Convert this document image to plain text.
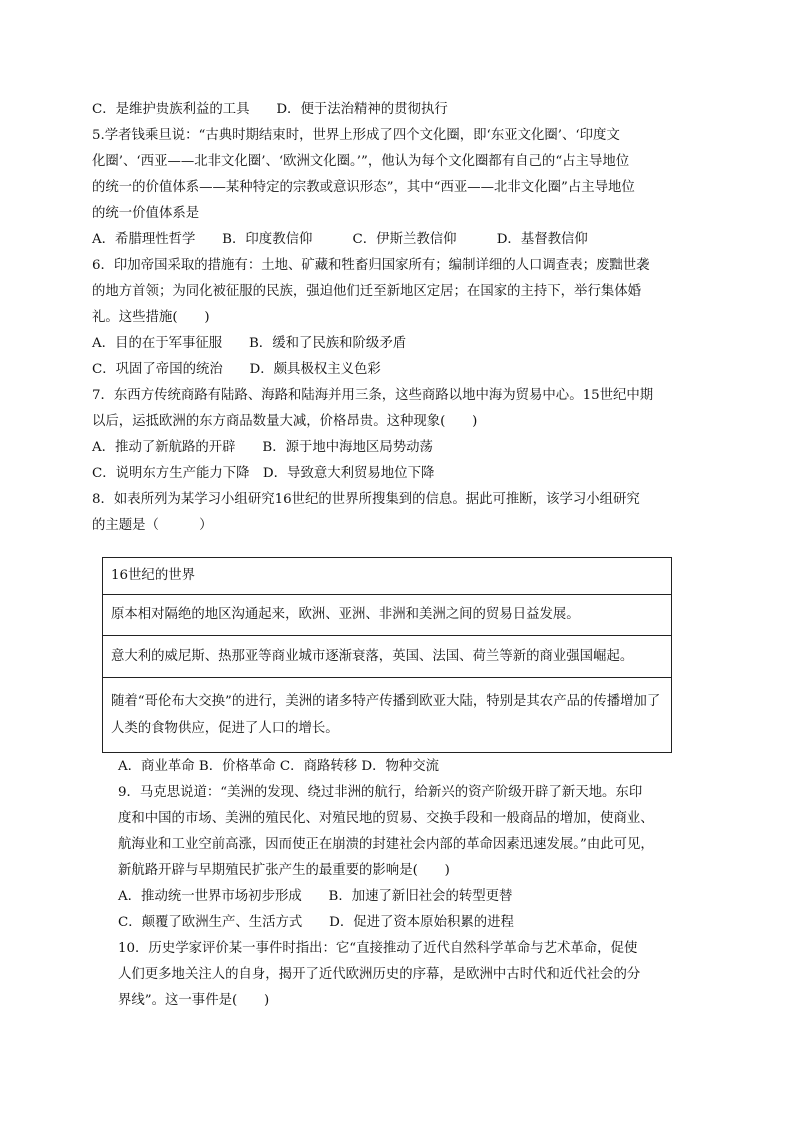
C．是维护贵族利益的工具　　D．便于法治精神的贯彻执行
5.学者钱乘旦说：“古典时期结束时，世界上形成了四个文化圈，即‘东亚文化圈’、‘印度文
化圈’、‘西亚——北非文化圈’、‘欧洲文化圈。’”，他认为每个文化圈都有自己的“占主导地位
的统一的价值体系——某种特定的宗教或意识形态”，其中“西亚——北非文化圈”占主导地位
的统一价值体系是
A．希腊理性哲学　　B．印度教信仰　　　C．伊斯兰教信仰　　　D．基督教信仰
6．印加帝国采取的措施有：土地、矿藏和牲畜归国家所有；编制详细的人口调查表；废黜世袭
的地方首领；为同化被征服的民族，强迫他们迁至新地区定居；在国家的主持下，举行集体婚
礼。这些措施(　　)
A．目的在于军事征服　　B．缓和了民族和阶级矛盾
C．巩固了帝国的统治　　D．颇具极权主义色彩
7．东西方传统商路有陆路、海路和陆海并用三条，这些商路以地中海为贸易中心。15世纪中期
以后，运抵欧洲的东方商品数量大减，价格昂贵。这种现象(　　)
A．推动了新航路的开辟　　B．源于地中海地区局势动荡
C．说明东方生产能力下降　D．导致意大利贸易地位下降
8．如表所列为某学习小组研究16世纪的世界所搜集到的信息。据此可推断，该学习小组研究
的主题是（　　　）
16世纪的世界
原本相对隔绝的地区沟通起来，欧洲、亚洲、非洲和美洲之间的贸易日益发展。
意大利的威尼斯、热那亚等商业城市逐渐衰落，英国、法国、荷兰等新的商业强国崛起。
随着“哥伦布大交换”的进行，美洲的诸多特产传播到欧亚大陆，特别是其农产品的传播增加了人类的食物供应，促进了人口的增长。
A．商业革命 B．价格革命 C．商路转移 D．物种交流
9．马克思说道：“美洲的发现、绕过非洲的航行，给新兴的资产阶级开辟了新天地。东印
度和中国的市场、美洲的殖民化、对殖民地的贸易、交换手段和一般商品的增加，使商业、
航海业和工业空前高涨，因而使正在崩溃的封建社会内部的革命因素迅速发展。”由此可见，
新航路开辟与早期殖民扩张产生的最重要的影响是(　　)
A．推动统一世界市场初步形成　　B．加速了新旧社会的转型更替
C．颠覆了欧洲生产、生活方式　　D．促进了资本原始积累的进程
10．历史学家评价某一事件时指出：它“直接推动了近代自然科学革命与艺术革命，促使
人们更多地关注人的自身，揭开了近代欧洲历史的序幕，是欧洲中古时代和近代社会的分
界线”。这一事件是(　　)
